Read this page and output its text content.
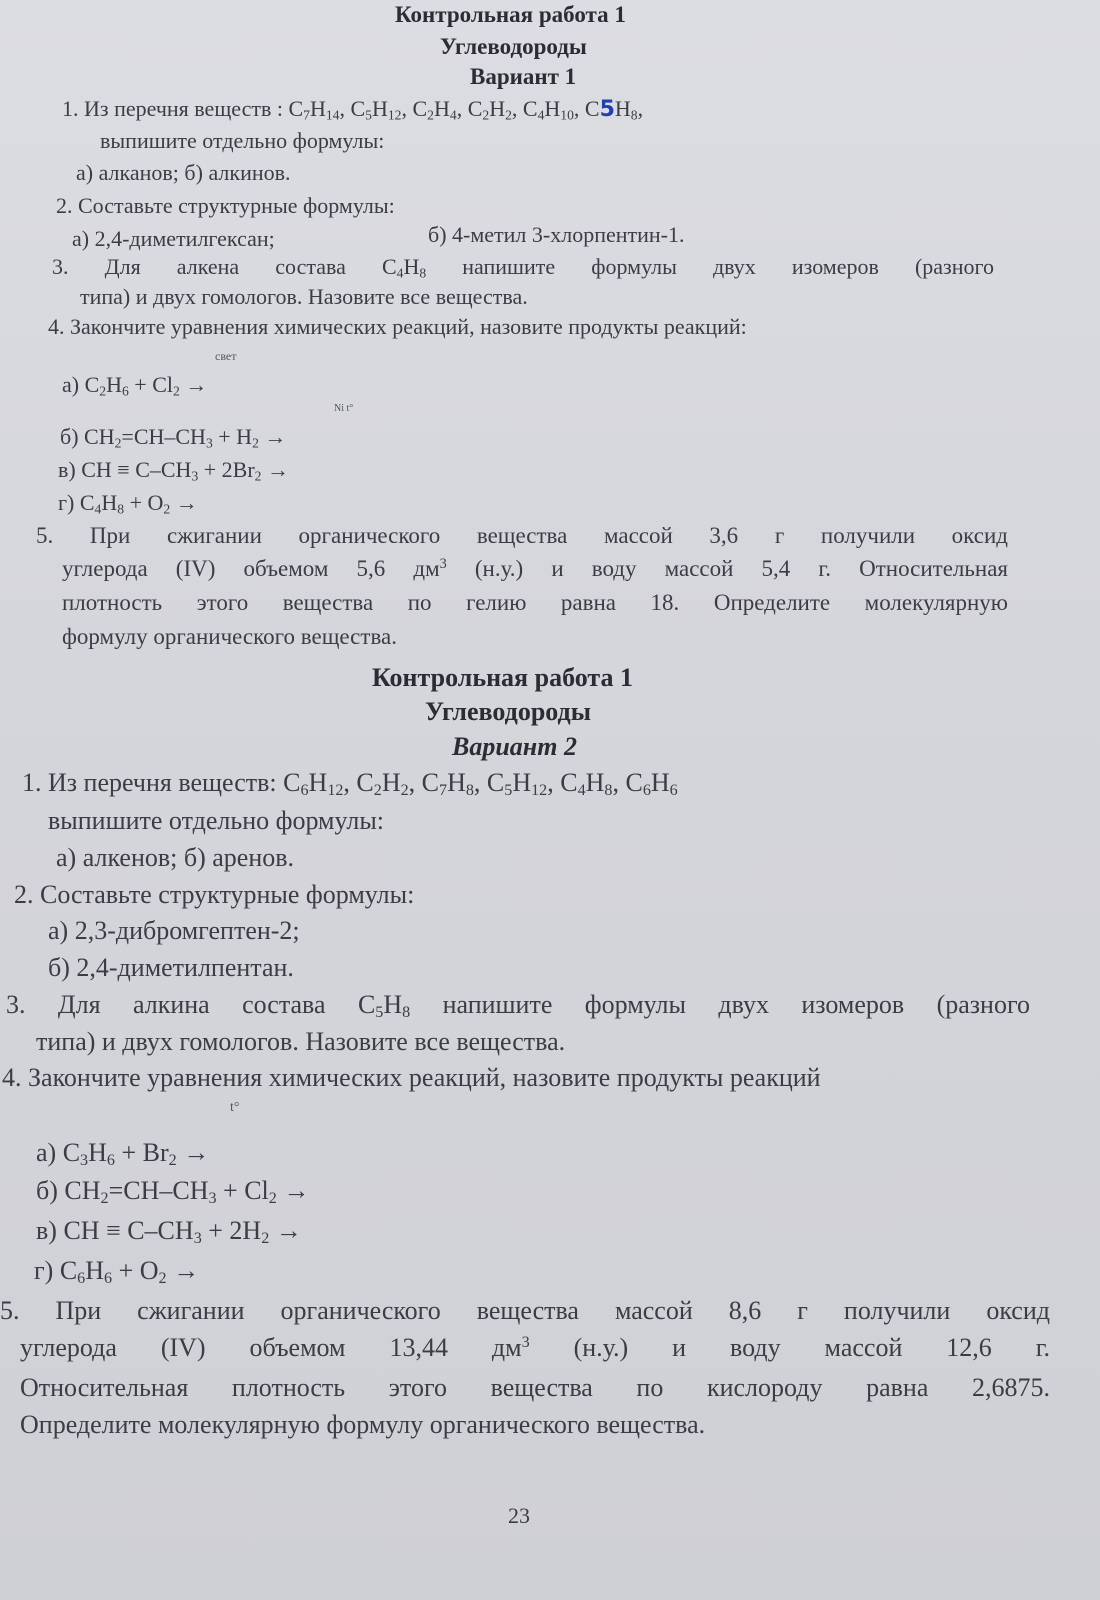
Контрольная работа 1
Углеводороды
Вариант 1
1. Из перечня веществ : $C_7H_{14}$, $C_5H_{12}$, $C_2H_4$, $C_2H_2$, $C_4H_{10}$, $C5H_8$,
выпишите отдельно формулы:
а) алканов; б) алкинов.
2. Составьте структурные формулы:
а) 2,4-диметилгексан;	б) 4-метил 3-хлорпентин-1.
3. Для алкена состава $C_4H_8$ напишите формулы двух изомеров (разного
типа) и двух гомологов. Назовите все вещества.
4. Закончите уравнения химических реакций, назовите продукты реакций:
свет
а) $C_2H_6 + Cl_2$ →
Ni t°
б) $CH_2=CH-CH_3 + H_2$ →
в) CH ≡ $C-CH_3 + 2Br_2$ →
г) $C_4H_8 + O_2$ →
5. При сжигании органического вещества массой 3,6 г получили оксид
углерода (IV) объемом 5,6 $дм^3$ (н.у.) и воду массой 5,4 г. Относительная
плотность этого вещества по гелию равна 18. Определите молекулярную
формулу органического вещества.
Контрольная работа 1
Углеводороды
Вариант 2
1. Из перечня веществ: $C_6H_{12}$, $C_2H_2$, $C_7H_8$, $C_5H_{12}$, $C_4H_8$, $C_6H_6$
выпишите отдельно формулы:
а) алкенов; б) аренов.
2. Составьте структурные формулы:
а) 2,3-дибромгептен-2;
б) 2,4-диметилпентан.
3. Для алкина состава $C_5H_8$ напишите формулы двух изомеров (разного
типа) и двух гомологов. Назовите все вещества.
4. Закончите уравнения химических реакций, назовите продукты реакций
t°
а) $C_3H_6 + Br_2$ →
б) $CH_2=CH-CH_3 + Cl_2$ →
в) CH ≡ $C-CH_3 + 2H_2$ →
г) $C_6H_6 + O_2$ →
5. При сжигании органического вещества массой 8,6 г получили оксид
углерода (IV) объемом 13,44 $дм^3$ (н.у.) и воду массой 12,6 г.
Относительная плотность этого вещества по кислороду равна 2,6875.
Определите молекулярную формулу органического вещества.
23
